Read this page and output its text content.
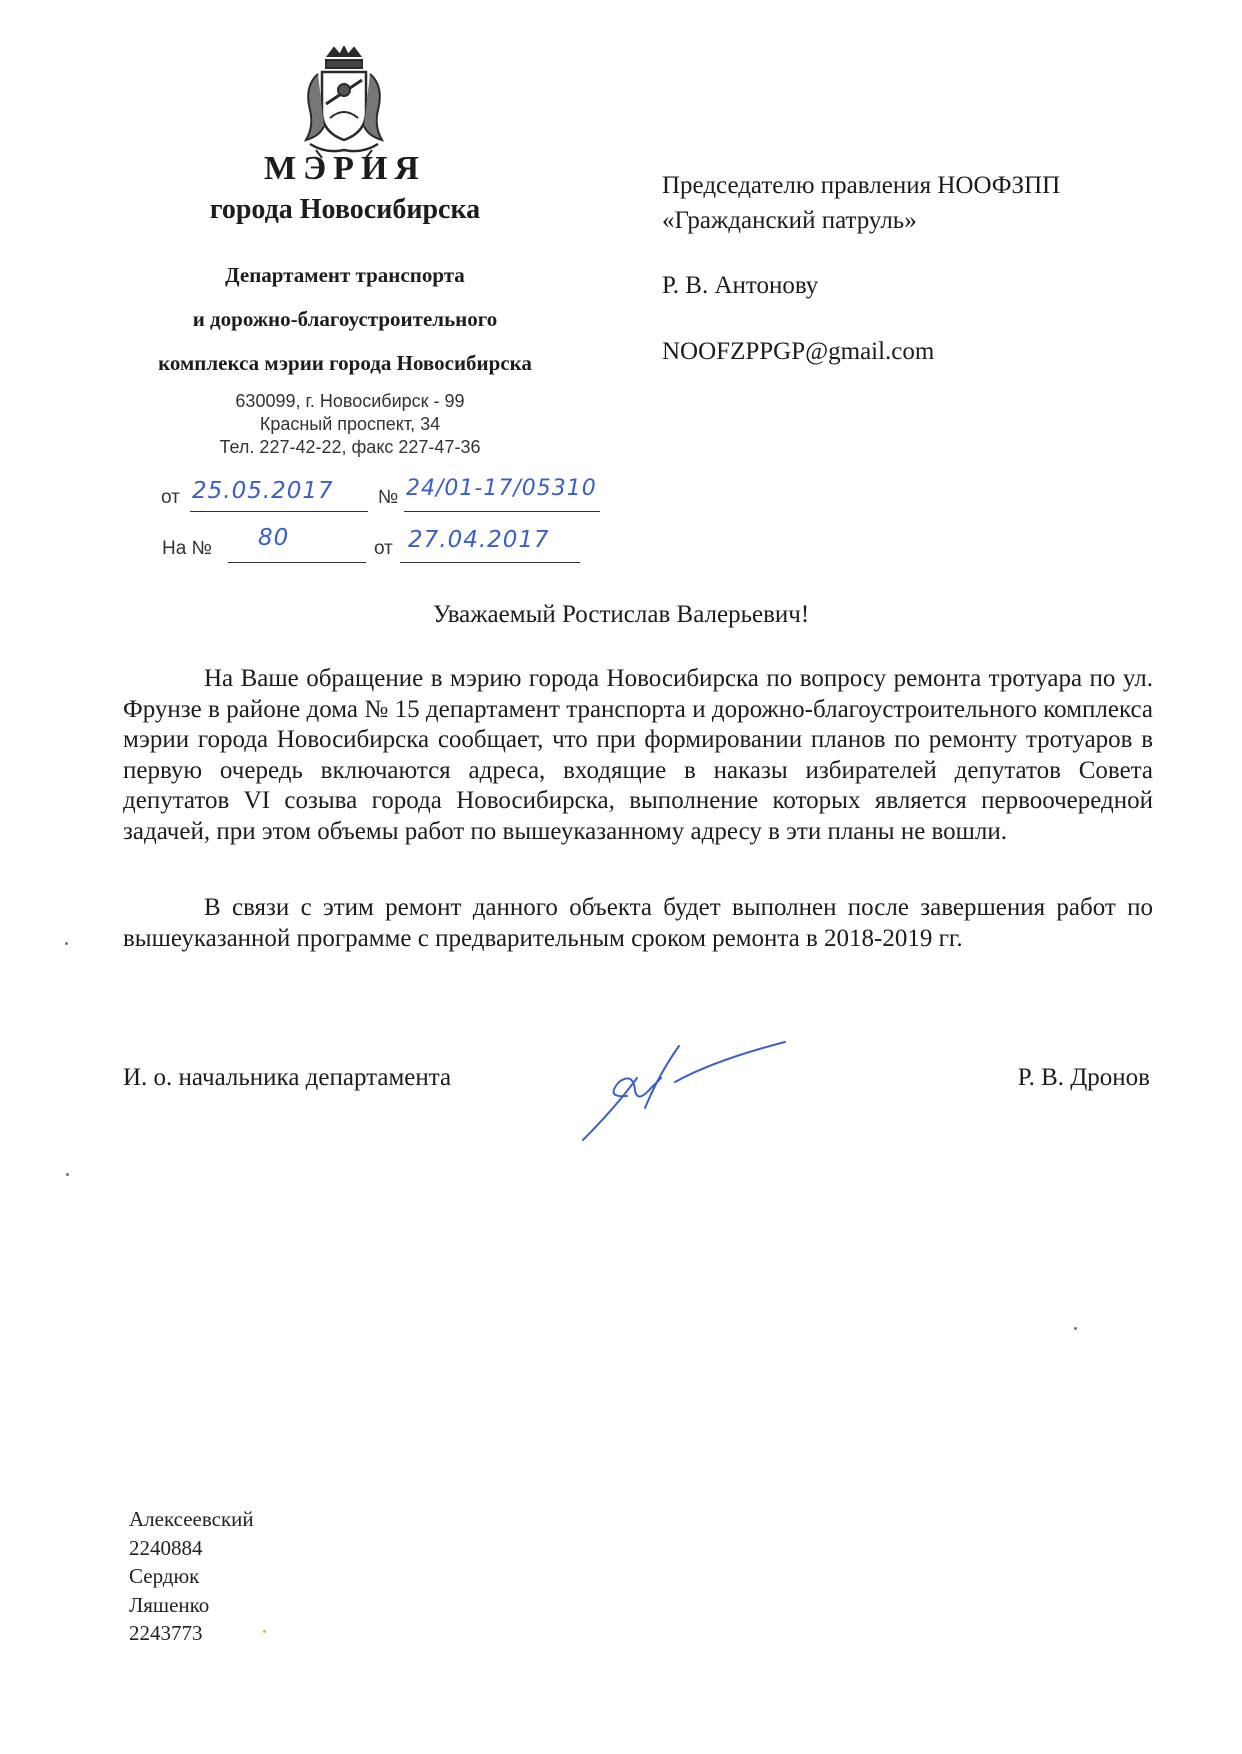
МЭРИЯ
города Новосибирска
Департамент транспорта
и дорожно-благоустроительного
комплекса мэрии города Новосибирска
630099, г. Новосибирск - 99
Красный проспект, 34
Тел. 227-42-22, факс 227-47-36
от 25.05.2017 № 24/01-17/05310
На № 80	от 27.04.2017
Председателю правления НООФЗПП
«Гражданский патруль»
Р. В. Антонову
NOOFZPPGP@gmail.com
Уважаемый Ростислав Валерьевич!
На Ваше обращение в мэрию города Новосибирска по вопросу ремонта тротуара по ул. Фрунзе в районе дома № 15 департамент транспорта и дорожно-благоустроительного комплекса мэрии города Новосибирска сообщает, что при формировании планов по ремонту тротуаров в первую очередь включаются адреса, входящие в наказы избирателей депутатов Совета депутатов VI созыва города Новосибирска, выполнение которых является первоочередной задачей, при этом объемы работ по вышеуказанному адресу в эти планы не вошли.
В связи с этим ремонт данного объекта будет выполнен после завершения работ по вышеуказанной программе с предварительным сроком ремонта в 2018-2019 гг.
И. о. начальника департамента	Р. В. Дронов
Алексеевский
2240884
Сердюк
Ляшенко
2243773
